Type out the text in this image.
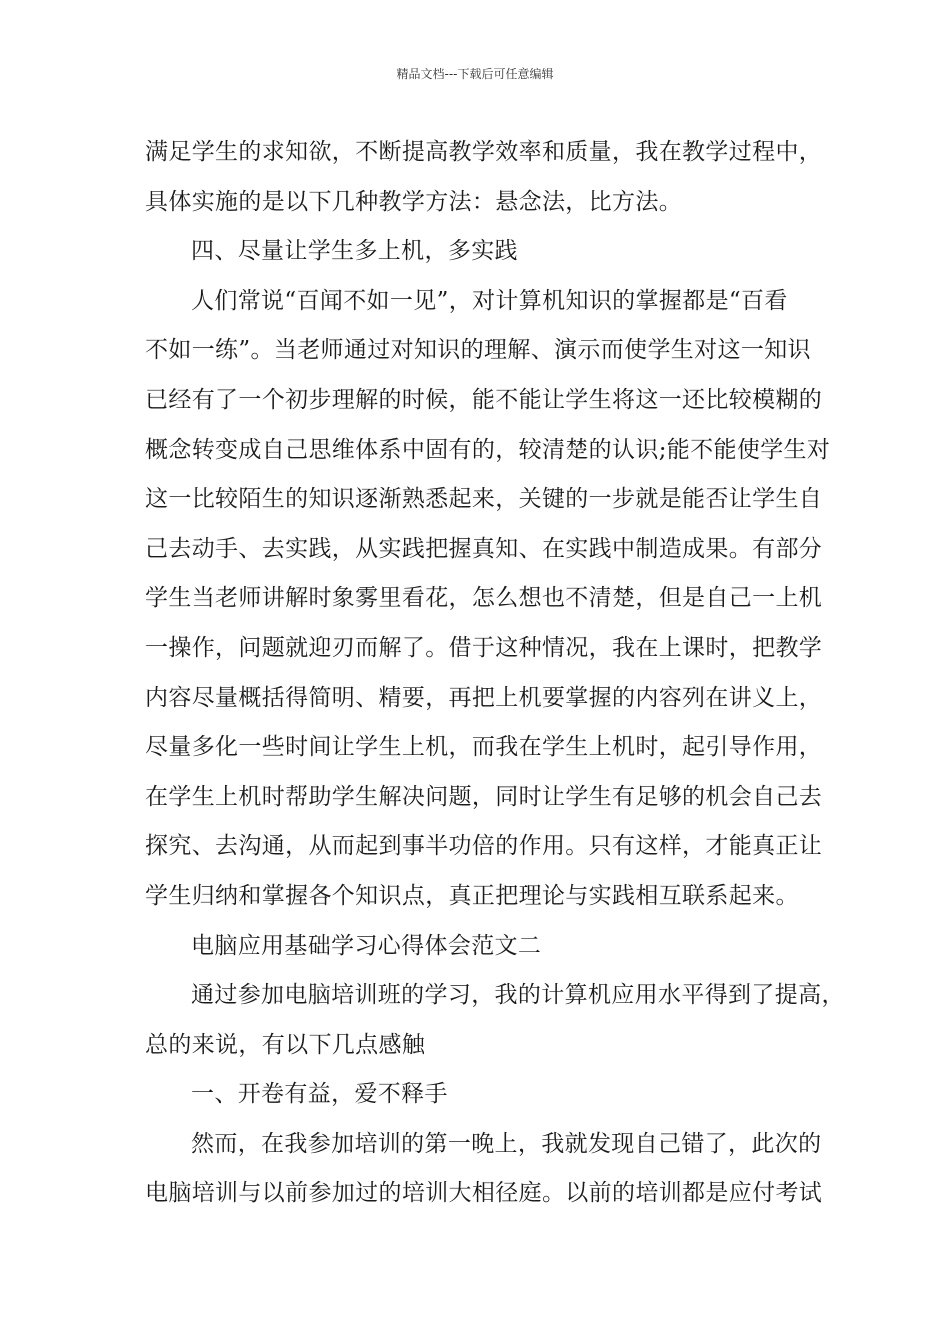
精品文档---下载后可任意编辑
满足学生的求知欲，不断提高教学效率和质量，我在教学过程中，
具体实施的是以下几种教学方法：悬念法，比方法。
四、尽量让学生多上机，多实践
人们常说“百闻不如一见”，对计算机知识的掌握都是“百看
不如一练”。当老师通过对知识的理解、演示而使学生对这一知识
已经有了一个初步理解的时候，能不能让学生将这一还比较模糊的
概念转变成自己思维体系中固有的，较清楚的认识;能不能使学生对
这一比较陌生的知识逐渐熟悉起来，关键的一步就是能否让学生自
己去动手、去实践，从实践把握真知、在实践中制造成果。有部分
学生当老师讲解时象雾里看花，怎么想也不清楚，但是自己一上机
一操作，问题就迎刃而解了。借于这种情况，我在上课时，把教学
内容尽量概括得简明、精要，再把上机要掌握的内容列在讲义上，
尽量多化一些时间让学生上机，而我在学生上机时，起引导作用，
在学生上机时帮助学生解决问题，同时让学生有足够的机会自己去
探究、去沟通，从而起到事半功倍的作用。只有这样，才能真正让
学生归纳和掌握各个知识点，真正把理论与实践相互联系起来。
电脑应用基础学习心得体会范文二
通过参加电脑培训班的学习，我的计算机应用水平得到了提高，
总的来说，有以下几点感触
一、开卷有益，爱不释手
然而，在我参加培训的第一晚上，我就发现自己错了，此次的
电脑培训与以前参加过的培训大相径庭。以前的培训都是应付考试
